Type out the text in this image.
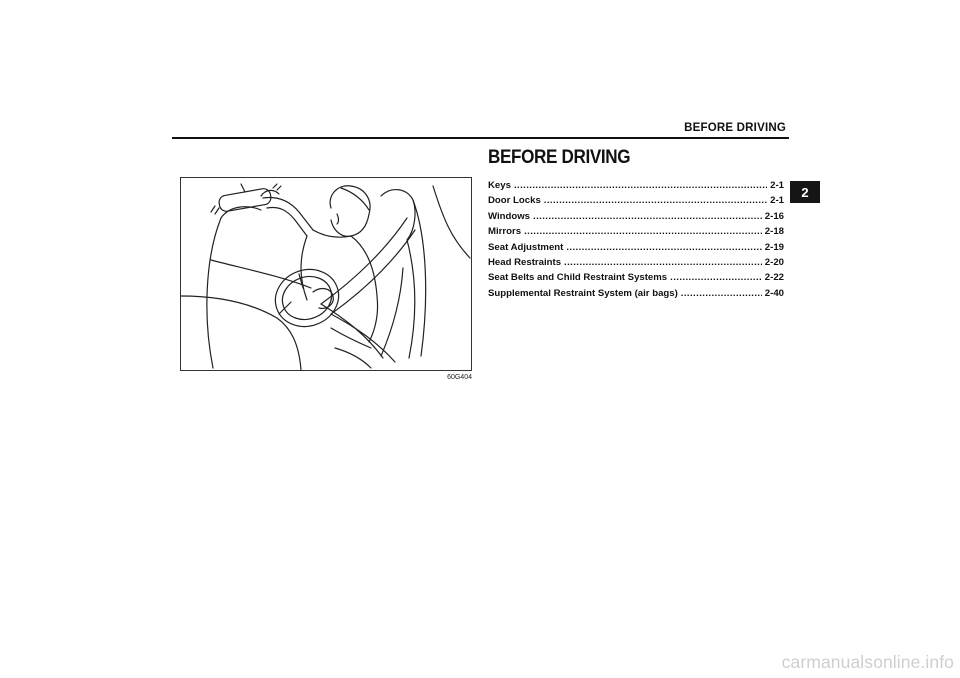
BEFORE DRIVING
2
60G404
BEFORE DRIVING
Keys .....	2-1
Door Locks .....	2-1
Windows .....	2-16
Mirrors .....	2-18
Seat Adjustment .....	2-19
Head Restraints .....	2-20
Seat Belts and Child Restraint Systems .....	2-22
Supplemental Restraint System (air bags) .....	2-40
carmanualsonline.info
